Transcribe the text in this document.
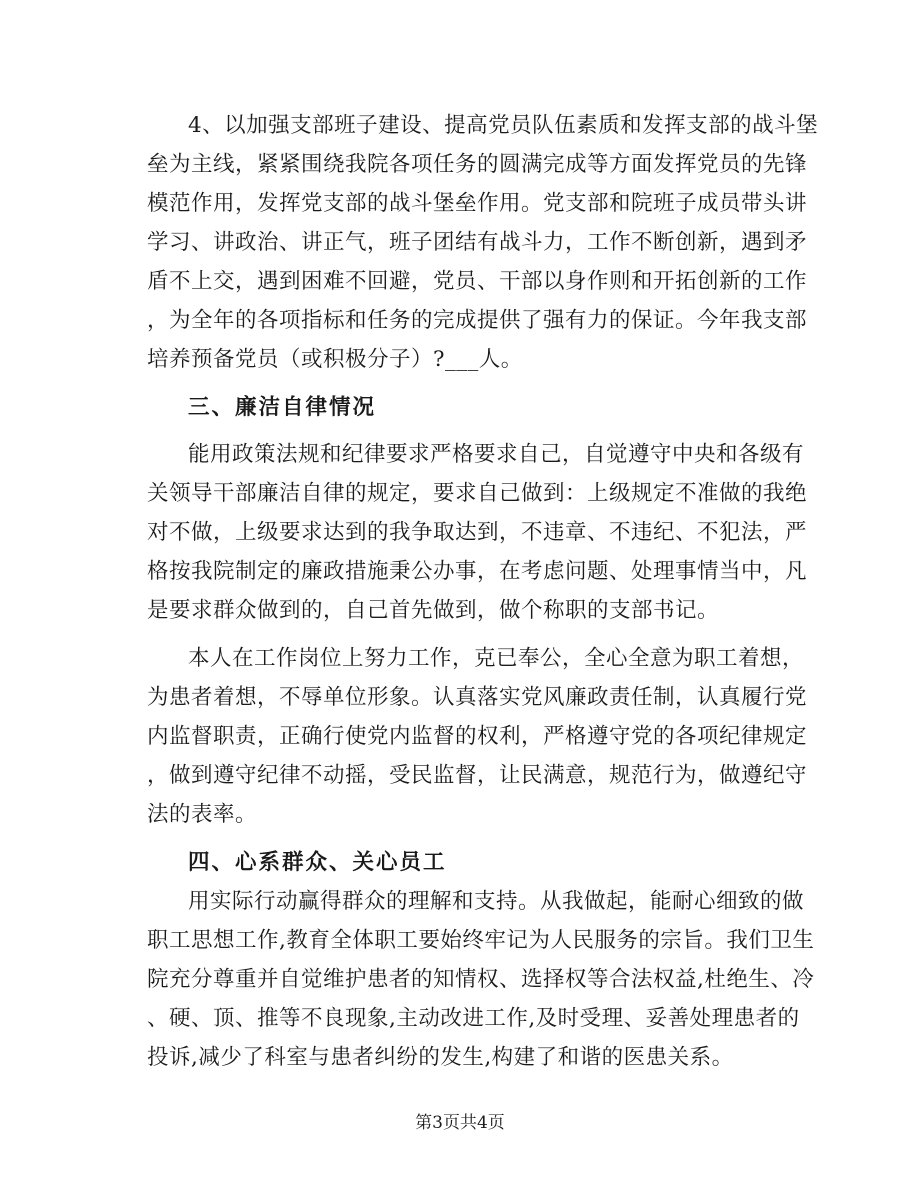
4、以加强支部班子建设、提高党员队伍素质和发挥支部的战斗堡
垒为主线，紧紧围绕我院各项任务的圆满完成等方面发挥党员的先锋
模范作用，发挥党支部的战斗堡垒作用。党支部和院班子成员带头讲
学习、讲政治、讲正气，班子团结有战斗力，工作不断创新，遇到矛
盾不上交，遇到困难不回避，党员、干部以身作则和开拓创新的工作
，为全年的各项指标和任务的完成提供了强有力的保证。今年我支部
培养预备党员（或积极分子）?___人。
三、廉洁自律情况
能用政策法规和纪律要求严格要求自己，自觉遵守中央和各级有
关领导干部廉洁自律的规定，要求自己做到：上级规定不准做的我绝
对不做，上级要求达到的我争取达到，不违章、不违纪、不犯法，严
格按我院制定的廉政措施秉公办事，在考虑问题、处理事情当中，凡
是要求群众做到的，自己首先做到，做个称职的支部书记。
本人在工作岗位上努力工作，克已奉公，全心全意为职工着想，
为患者着想，不辱单位形象。认真落实党风廉政责任制，认真履行党
内监督职责，正确行使党内监督的权利，严格遵守党的各项纪律规定
，做到遵守纪律不动摇，受民监督，让民满意，规范行为，做遵纪守
法的表率。
四、心系群众、关心员工
用实际行动赢得群众的理解和支持。从我做起，能耐心细致的做
职工思想工作,教育全体职工要始终牢记为人民服务的宗旨。我们卫生
院充分尊重并自觉维护患者的知情权、选择权等合法权益,杜绝生、冷
、硬、顶、推等不良现象,主动改进工作,及时受理、妥善处理患者的
投诉,减少了科室与患者纠纷的发生,构建了和谐的医患关系。
第3页共4页
